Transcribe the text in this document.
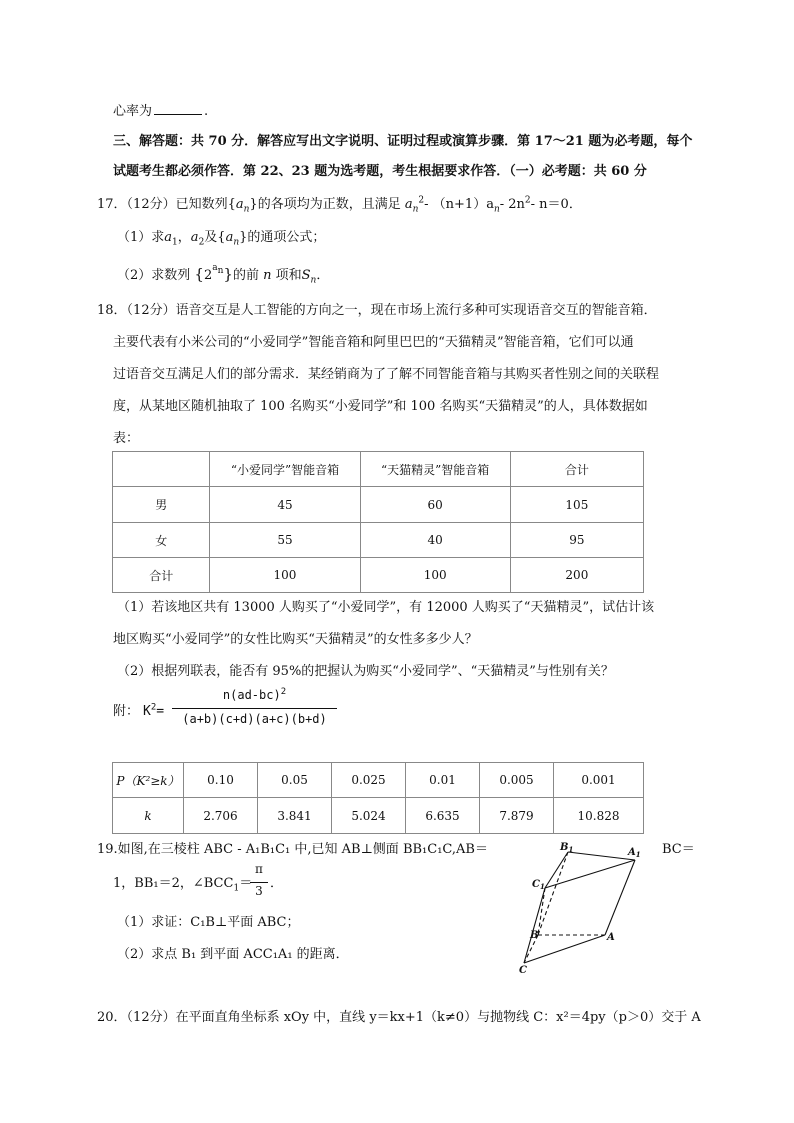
心率为	.
三、解答题：共 70 分．解答应写出文字说明、证明过程或演算步骤．第 17～21 题为必考题，每个
试题考生都必须作答．第 22、23 题为选考题，考生根据要求作答．（一）必考题：共 60 分
17．（12分）已知数列$\{a_n\}$的各项均为正数，且满足 $a_n^2-$ $(n+1)a_n-$ $2n^2-$ n＝0．
（1）求$a_1$，$a_2$及$\{a_n\}$的通项公式；
（2）求数列 $\{2^{a_n}\}$的前 n 项和$S_n$．
18．（12分）语音交互是人工智能的方向之一，现在市场上流行多种可实现语音交互的智能音箱．
主要代表有小米公司的“小爱同学”智能音箱和阿里巴巴的“天猫精灵”智能音箱，它们可以通
过语音交互满足人们的部分需求．某经销商为了了解不同智能音箱与其购买者性别之间的关联程
度，从某地区随机抽取了 100 名购买“小爱同学”和 100 名购买“天猫精灵”的人，具体数据如
表：
	“小爱同学”智能音箱	“天猫精灵”智能音箱	合计
男	45	60	105
女	55	40	95
合计	100	100	200
（1）若该地区共有 13000 人购买了“小爱同学”，有 12000 人购买了“天猫精灵”，试估计该
地区购买“小爱同学”的女性比购买“天猫精灵”的女性多多少人？
（2）根据列联表，能否有 95%的把握认为购买“小爱同学”、“天猫精灵”与性别有关？
附： $K^2=$
$n(ad-bc)^2$
(a+b)(c+d)(a+c)(b+d)
P（K²≥k）	0.10	0.05	0.025	0.01	0.005	0.001
k	2.706	3.841	5.024	6.635	7.879	10.828
19.如图,在三棱柱 ABC - A₁B₁C₁ 中,已知 AB⊥侧面 BB₁C₁C,AB＝	BC＝
1，BB₁＝2，$\angle BCC_1=$
π
3 ．
（1）求证：C₁B⊥平面 ABC；
（2）求点 B₁ 到平面 ACC₁A₁ 的距离．
$B_1$	$A_1$
$C_1$
B	A
C
20．（12分）在平面直角坐标系 xOy 中，直线 y＝kx+1（k≠0）与抛物线 C：x²＝4py（p＞0）交于 A
